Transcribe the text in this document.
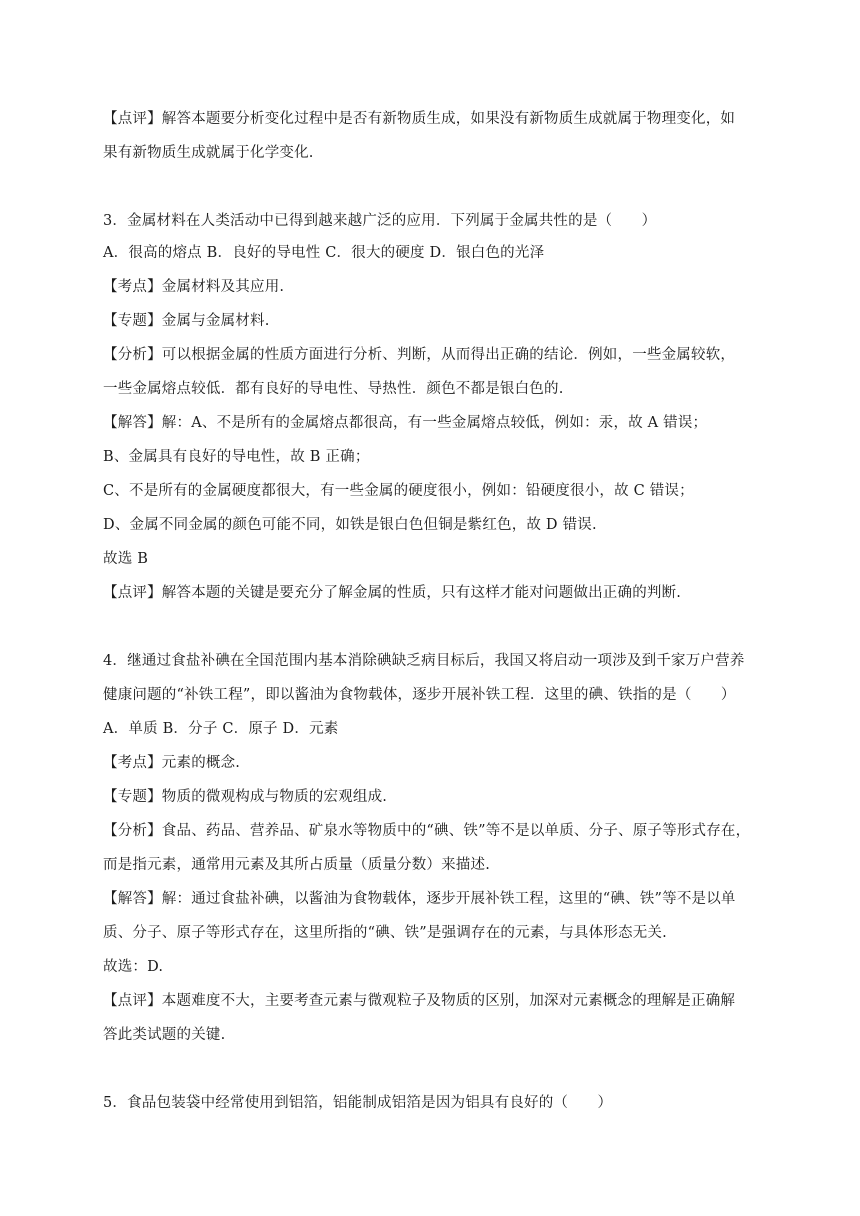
【点评】解答本题要分析变化过程中是否有新物质生成，如果没有新物质生成就属于物理变化，如
果有新物质生成就属于化学变化.
3．金属材料在人类活动中已得到越来越广泛的应用．下列属于金属共性的是（　　）
A．很高的熔点 B．良好的导电性 C．很大的硬度 D．银白色的光泽
【考点】金属材料及其应用.
【专题】金属与金属材料.
【分析】可以根据金属的性质方面进行分析、判断，从而得出正确的结论．例如，一些金属较软，
一些金属熔点较低．都有良好的导电性、导热性．颜色不都是银白色的.
【解答】解：A、不是所有的金属熔点都很高，有一些金属熔点较低，例如：汞，故 A 错误；
B、金属具有良好的导电性，故 B 正确；
C、不是所有的金属硬度都很大，有一些金属的硬度很小，例如：铅硬度很小，故 C 错误；
D、金属不同金属的颜色可能不同，如铁是银白色但铜是紫红色，故 D 错误.
故选 B
【点评】解答本题的关键是要充分了解金属的性质，只有这样才能对问题做出正确的判断.
4．继通过食盐补碘在全国范围内基本消除碘缺乏病目标后，我国又将启动一项涉及到千家万户营养
健康问题的“补铁工程”，即以酱油为食物载体，逐步开展补铁工程．这里的碘、铁指的是（　　）
A．单质 B．分子 C．原子 D．元素
【考点】元素的概念.
【专题】物质的微观构成与物质的宏观组成.
【分析】食品、药品、营养品、矿泉水等物质中的“碘、铁”等不是以单质、分子、原子等形式存在，
而是指元素，通常用元素及其所占质量（质量分数）来描述.
【解答】解：通过食盐补碘，以酱油为食物载体，逐步开展补铁工程，这里的“碘、铁”等不是以单
质、分子、原子等形式存在，这里所指的“碘、铁”是强调存在的元素，与具体形态无关.
故选：D.
【点评】本题难度不大，主要考查元素与微观粒子及物质的区别，加深对元素概念的理解是正确解
答此类试题的关键.
5．食品包装袋中经常使用到铝箔，铝能制成铝箔是因为铝具有良好的（　　）
